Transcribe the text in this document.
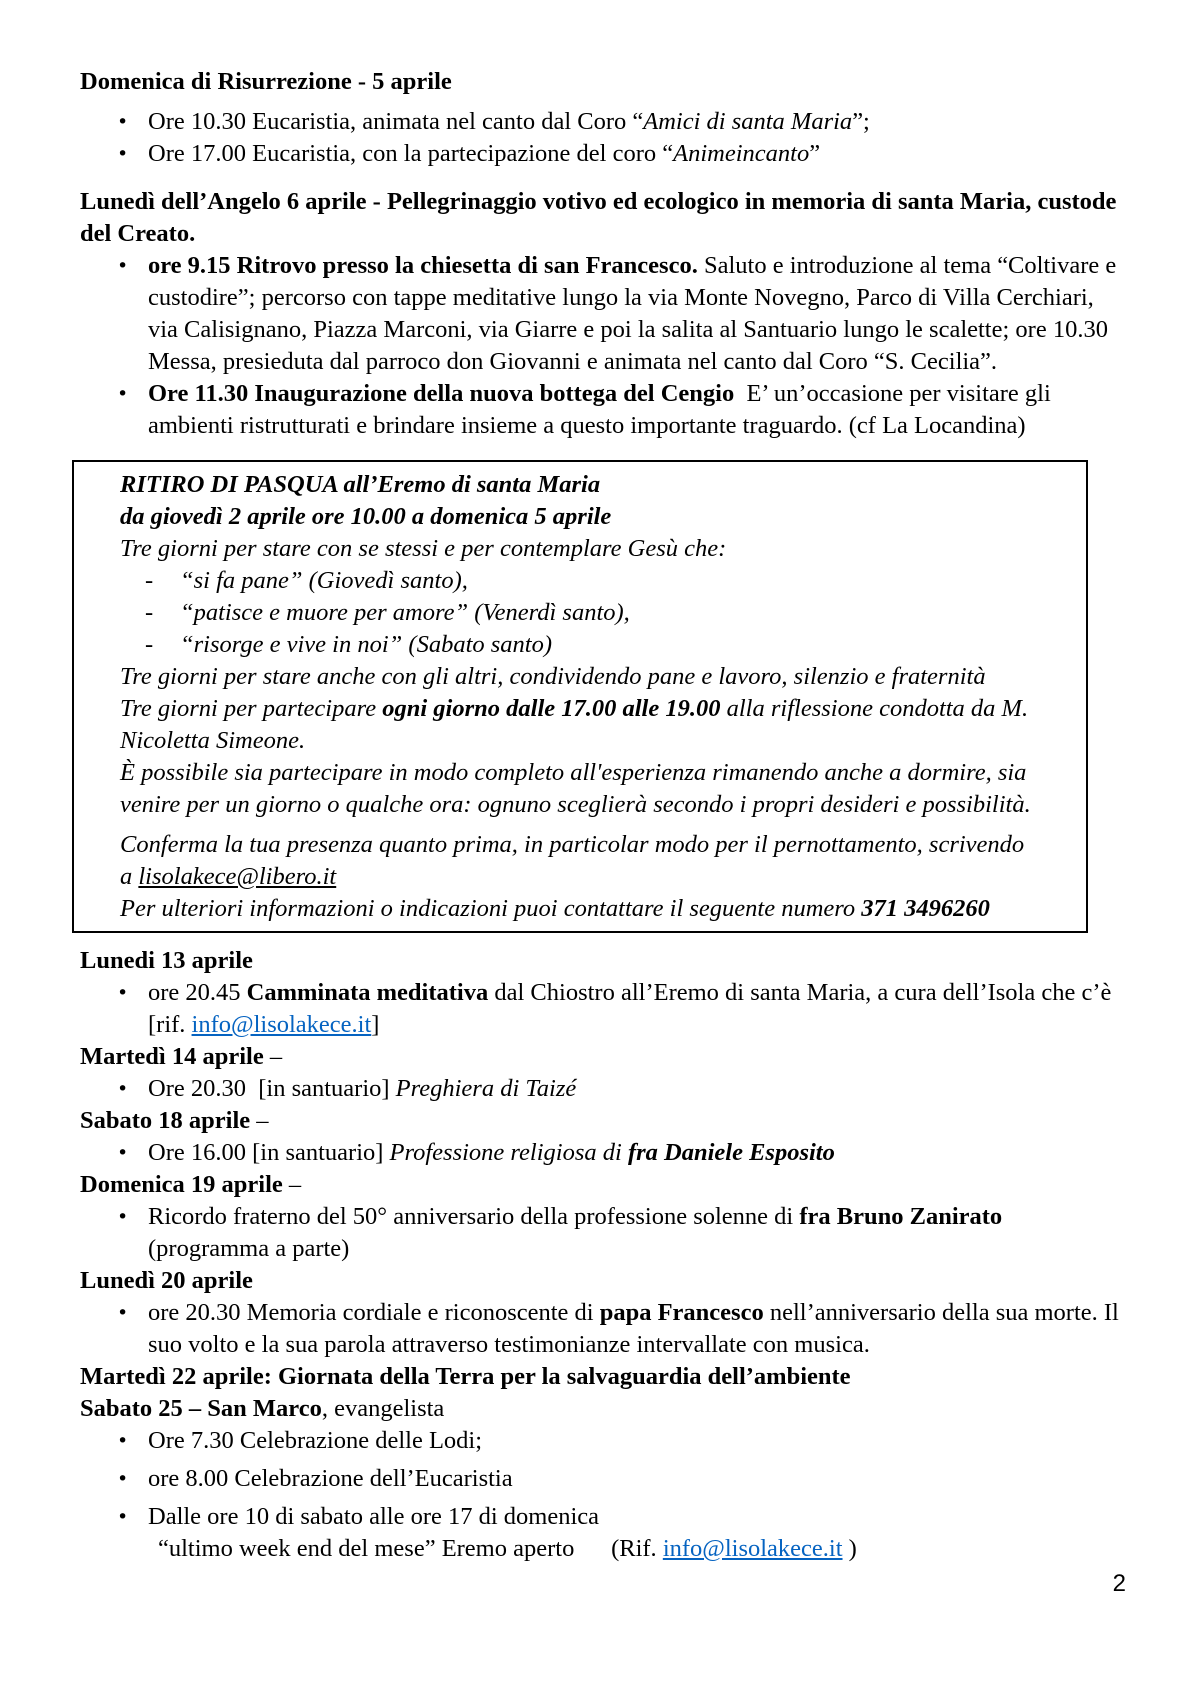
Domenica di Risurrezione - 5 aprile
• Ore 10.30 Eucaristia, animata nel canto dal Coro “Amici di santa Maria”;
• Ore 17.00 Eucaristia, con la partecipazione del coro “Animeincanto”
Lunedì dell’Angelo 6 aprile - Pellegrinaggio votivo ed ecologico in memoria di santa Maria, custode
del Creato.
• ore 9.15 Ritrovo presso la chiesetta di san Francesco. Saluto e introduzione al tema “Coltivare e
custodire”; percorso con tappe meditative lungo la via Monte Novegno, Parco di Villa Cerchiari,
via Calisignano, Piazza Marconi, via Giarre e poi la salita al Santuario lungo le scalette; ore 10.30
Messa, presieduta dal parroco don Giovanni e animata nel canto dal Coro “S. Cecilia”.
• Ore 11.30 Inaugurazione della nuova bottega del Cengio  E’ un’occasione per visitare gli
ambienti ristrutturati e brindare insieme a questo importante traguardo. (cf La Locandina)
RITIRO DI PASQUA all’Eremo di santa Maria
da giovedì 2 aprile ore 10.00 a domenica 5 aprile
Tre giorni per stare con se stessi e per contemplare Gesù che:
-	“si fa pane” (Giovedì santo),
-	“patisce e muore per amore” (Venerdì santo),
-	“risorge e vive in noi” (Sabato santo)
Tre giorni per stare anche con gli altri, condividendo pane e lavoro, silenzio e fraternità
Tre giorni per partecipare ogni giorno dalle 17.00 alle 19.00 alla riflessione condotta da M.
Nicoletta Simeone.
È possibile sia partecipare in modo completo all'esperienza rimanendo anche a dormire, sia
venire per un giorno o qualche ora: ognuno sceglierà secondo i propri desideri e possibilità.
Conferma la tua presenza quanto prima, in particolar modo per il pernottamento, scrivendo
a lisolakece@libero.it
Per ulteriori informazioni o indicazioni puoi contattare il seguente numero 371 3496260
Lunedi 13 aprile
• ore 20.45 Camminata meditativa dal Chiostro all’Eremo di santa Maria, a cura dell’Isola che c’è
[rif. info@lisolakece.it]
Martedì 14 aprile –
• Ore 20.30  [in santuario] Preghiera di Taizé
Sabato 18 aprile –
• Ore 16.00 [in santuario] Professione religiosa di fra Daniele Esposito
Domenica 19 aprile –
• Ricordo fraterno del 50° anniversario della professione solenne di fra Bruno Zanirato
(programma a parte)
Lunedì 20 aprile
• ore 20.30 Memoria cordiale e riconoscente di papa Francesco nell’anniversario della sua morte. Il
suo volto e la sua parola attraverso testimonianze intervallate con musica.
Martedì 22 aprile: Giornata della Terra per la salvaguardia dell’ambiente
Sabato 25 – San Marco, evangelista
• Ore 7.30 Celebrazione delle Lodi;
• ore 8.00 Celebrazione dell’Eucaristia
• Dalle ore 10 di sabato alle ore 17 di domenica
“ultimo week end del mese” Eremo aperto      (Rif. info@lisolakece.it )
2
